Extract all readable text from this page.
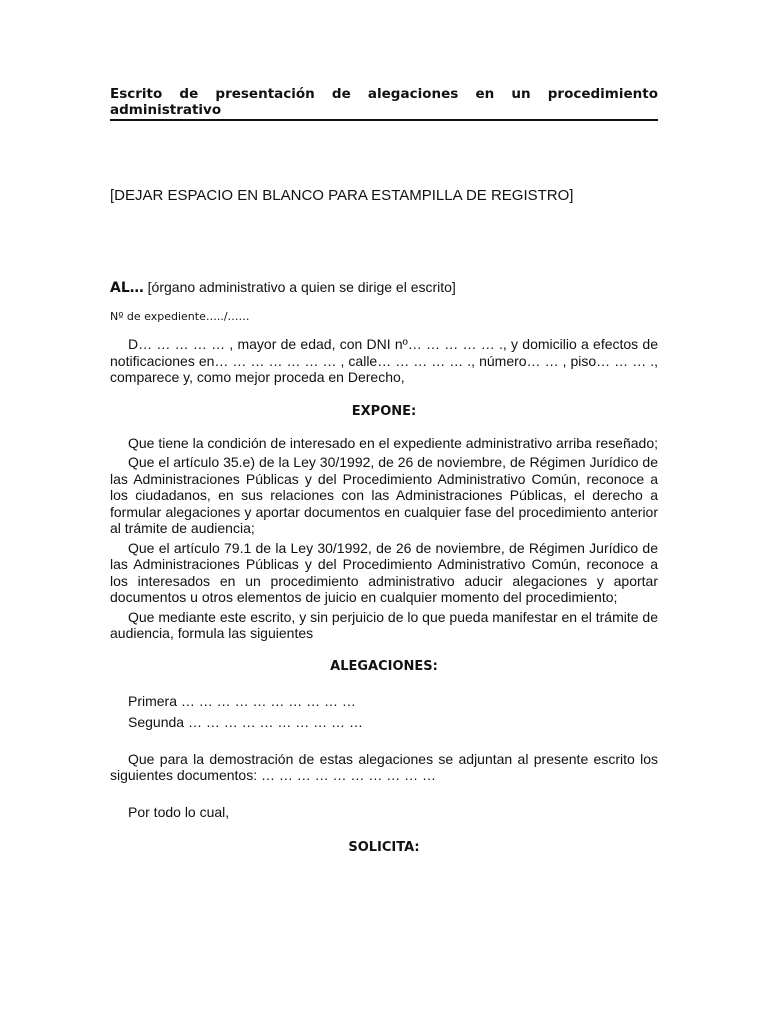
Escrito de presentación de alegaciones en un procedimiento administrativo
[DEJAR ESPACIO EN BLANCO PARA ESTAMPILLA DE REGISTRO]
AL… [órgano administrativo a quien se dirige el escrito]
Nº de expediente…../……

D… … … … … , mayor de edad, con DNI nº… … … … … ., y domicilio a efectos de notificaciones en… … … … … … … , calle… … … … … ., número… … , piso… … … ., comparece y, como mejor proceda en Derecho,

EXPONE:

Que tiene la condición de interesado en el expediente administrativo arriba reseñado;

Que el artículo 35.e) de la Ley 30/1992, de 26 de noviembre, de Régimen Jurídico de las Administraciones Públicas y del Procedimiento Administrativo Común, reconoce a los ciudadanos, en sus relaciones con las Administraciones Públicas, el derecho a formular alegaciones y aportar documentos en cualquier fase del procedimiento anterior al trámite de audiencia;

Que el artículo 79.1 de la Ley 30/1992, de 26 de noviembre, de Régimen Jurídico de las Administraciones Públicas y del Procedimiento Administrativo Común, reconoce a los interesados en un procedimiento administrativo aducir alegaciones y aportar documentos u otros elementos de juicio en cualquier momento del procedimiento;

Que mediante este escrito, y sin perjuicio de lo que pueda manifestar en el trámite de audiencia, formula las siguientes

ALEGACIONES:
Primera … … … … … … … … … …
Segunda … … … … … … … … … …

Que para la demostración de estas alegaciones se adjuntan al presente escrito los siguientes documentos: … … … … … … … … … …

Por todo lo cual,

SOLICITA:
